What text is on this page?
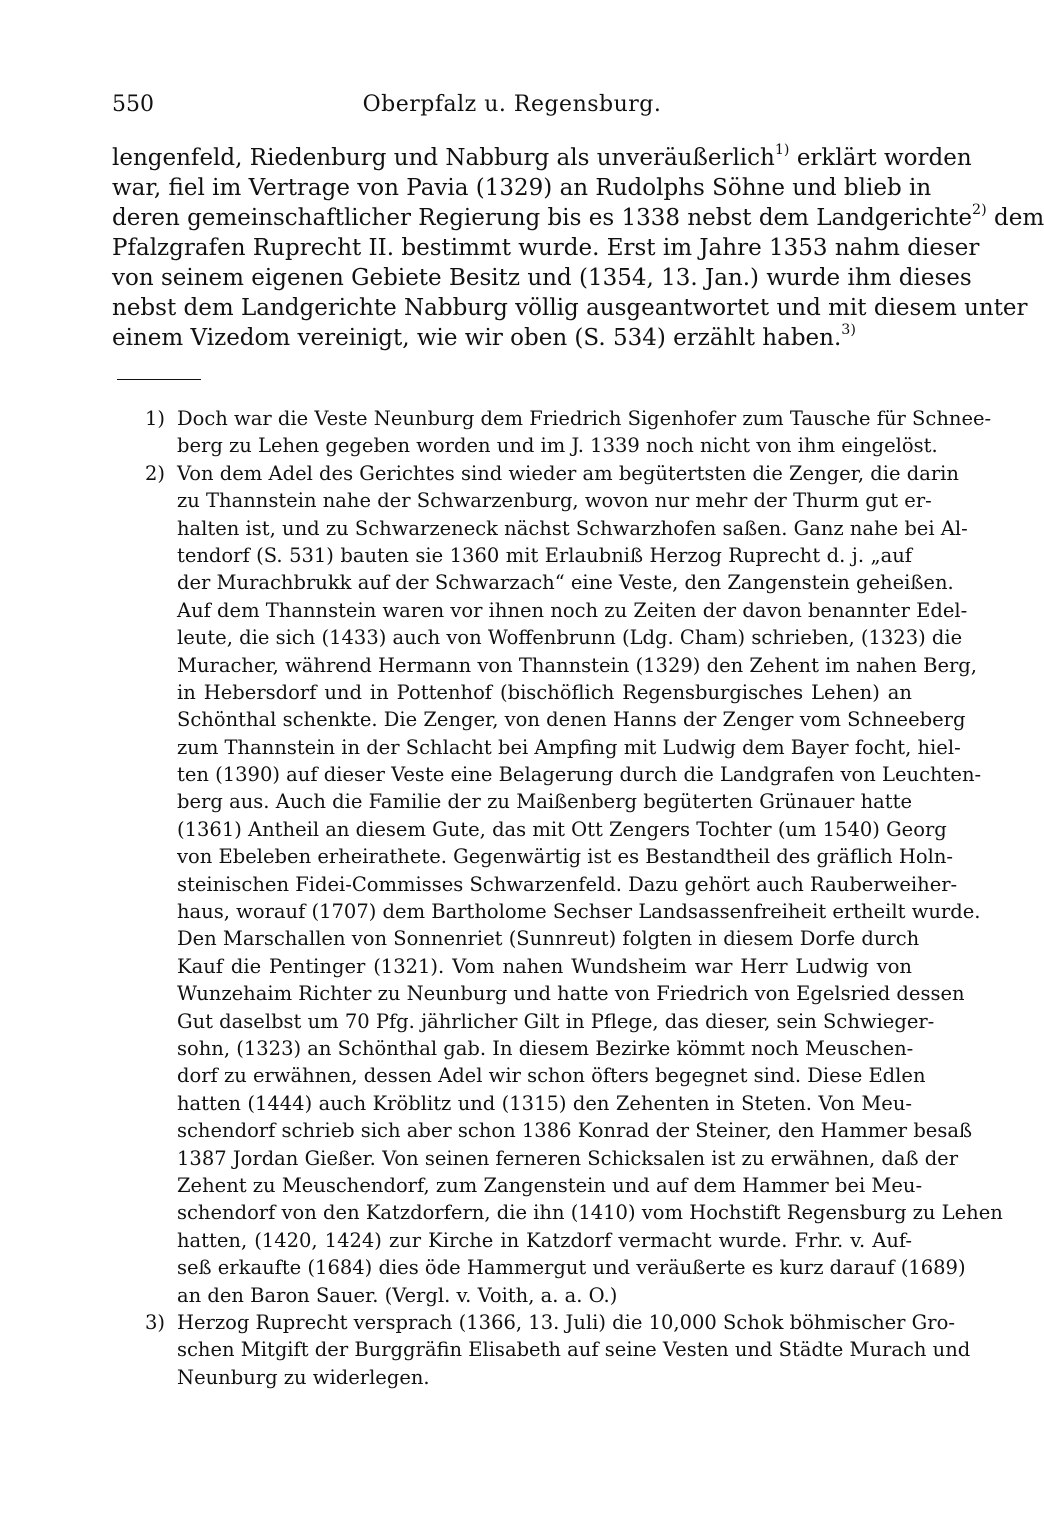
550	Oberpfalz u. Regensburg.
lengenfeld, Riedenburg und Nabburg als unveräußerlich$^{1)}$ erklärt worden
war, fiel im Vertrage von Pavia (1329) an Rudolphs Söhne und blieb in
deren gemeinschaftlicher Regierung bis es 1338 nebst dem Landgerichte$^{2)}$ dem
Pfalzgrafen Ruprecht II. bestimmt wurde. Erst im Jahre 1353 nahm dieser
von seinem eigenen Gebiete Besitz und (1354, 13. Jan.) wurde ihm dieses
nebst dem Landgerichte Nabburg völlig ausgeantwortet und mit diesem unter
einem Vizedom vereinigt, wie wir oben (S. 534) erzählt haben.$^{3)}$
1) Doch war die Veste Neunburg dem Friedrich Sigenhofer zum Tausche für Schnee-
berg zu Lehen gegeben worden und im J. 1339 noch nicht von ihm eingelöst.
2) Von dem Adel des Gerichtes sind wieder am begütertsten die Zenger, die darin
zu Thannstein nahe der Schwarzenburg, wovon nur mehr der Thurm gut er-
halten ist, und zu Schwarzeneck nächst Schwarzhofen saßen. Ganz nahe bei Al-
tendorf (S. 531) bauten sie 1360 mit Erlaubniß Herzog Ruprecht d. j. „auf
der Murachbrukk auf der Schwarzach“ eine Veste, den Zangenstein geheißen.
Auf dem Thannstein waren vor ihnen noch zu Zeiten der davon benannter Edel-
leute, die sich (1433) auch von Woffenbrunn (Ldg. Cham) schrieben, (1323) die
Muracher, während Hermann von Thannstein (1329) den Zehent im nahen Berg,
in Hebersdorf und in Pottenhof (bischöflich Regensburgisches Lehen) an
Schönthal schenkte. Die Zenger, von denen Hanns der Zenger vom Schneeberg
zum Thannstein in der Schlacht bei Ampfing mit Ludwig dem Bayer focht, hiel-
ten (1390) auf dieser Veste eine Belagerung durch die Landgrafen von Leuchten-
berg aus. Auch die Familie der zu Maißenberg begüterten Grünauer hatte
(1361) Antheil an diesem Gute, das mit Ott Zengers Tochter (um 1540) Georg
von Ebeleben erheirathete. Gegenwärtig ist es Bestandtheil des gräflich Holn-
steinischen Fidei-Commisses Schwarzenfeld. Dazu gehört auch Rauberweiher-
haus, worauf (1707) dem Bartholome Sechser Landsassenfreiheit ertheilt wurde.
Den Marschallen von Sonnenriet (Sunnreut) folgten in diesem Dorfe durch
Kauf die Pentinger (1321). Vom nahen Wundsheim war Herr Ludwig von
Wunzehaim Richter zu Neunburg und hatte von Friedrich von Egelsried dessen
Gut daselbst um 70 Pfg. jährlicher Gilt in Pflege, das dieser, sein Schwieger-
sohn, (1323) an Schönthal gab. In diesem Bezirke kömmt noch Meuschen-
dorf zu erwähnen, dessen Adel wir schon öfters begegnet sind. Diese Edlen
hatten (1444) auch Kröblitz und (1315) den Zehenten in Steten. Von Meu-
schendorf schrieb sich aber schon 1386 Konrad der Steiner, den Hammer besaß
1387 Jordan Gießer. Von seinen ferneren Schicksalen ist zu erwähnen, daß der
Zehent zu Meuschendorf, zum Zangenstein und auf dem Hammer bei Meu-
schendorf von den Katzdorfern, die ihn (1410) vom Hochstift Regensburg zu Lehen
hatten, (1420, 1424) zur Kirche in Katzdorf vermacht wurde. Frhr. v. Auf-
seß erkaufte (1684) dies öde Hammergut und veräußerte es kurz darauf (1689)
an den Baron Sauer. (Vergl. v. Voith, a. a. O.)
3) Herzog Ruprecht versprach (1366, 13. Juli) die 10,000 Schok böhmischer Gro-
schen Mitgift der Burggräfin Elisabeth auf seine Vesten und Städte Murach und
Neunburg zu widerlegen.
